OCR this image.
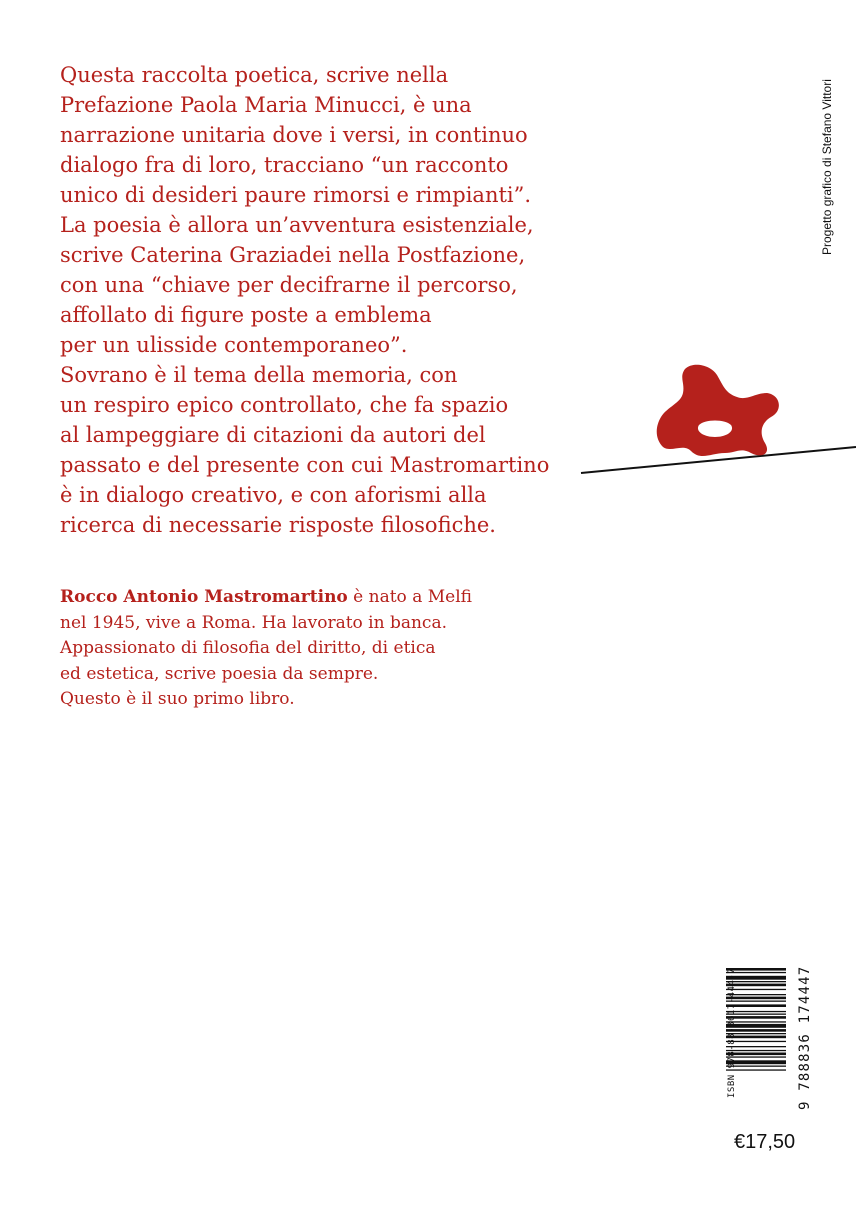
Questa raccolta poetica, scrive nella
Prefazione Paola Maria Minucci, è una
narrazione unitaria dove i versi, in continuo
dialogo fra di loro, tracciano “un racconto
unico di desideri paure rimorsi e rimpianti”.
La poesia è allora un’avventura esistenziale,
scrive Caterina Graziadei nella Postfazione,
con una “chiave per decifrarne il percorso,
affollato di figure poste a emblema
per un ulisside contemporaneo”.
Sovrano è il tema della memoria, con
un respiro epico controllato, che fa spazio
al lampeggiare di citazioni da autori del
passato e del presente con cui Mastromartino
è in dialogo creativo, e con aforismi alla
ricerca di necessarie risposte filosofiche.
Rocco Antonio Mastromartino è nato a Melfi
nel 1945, vive a Roma. Ha lavorato in banca.
Appassionato di filosofia del diritto, di etica
ed estetica, scrive poesia da sempre.
Questo è il suo primo libro.
Progetto grafico di Stefano Vittori
ISBN 978-88-3617-444-7	9 788836 174447
€17,50
